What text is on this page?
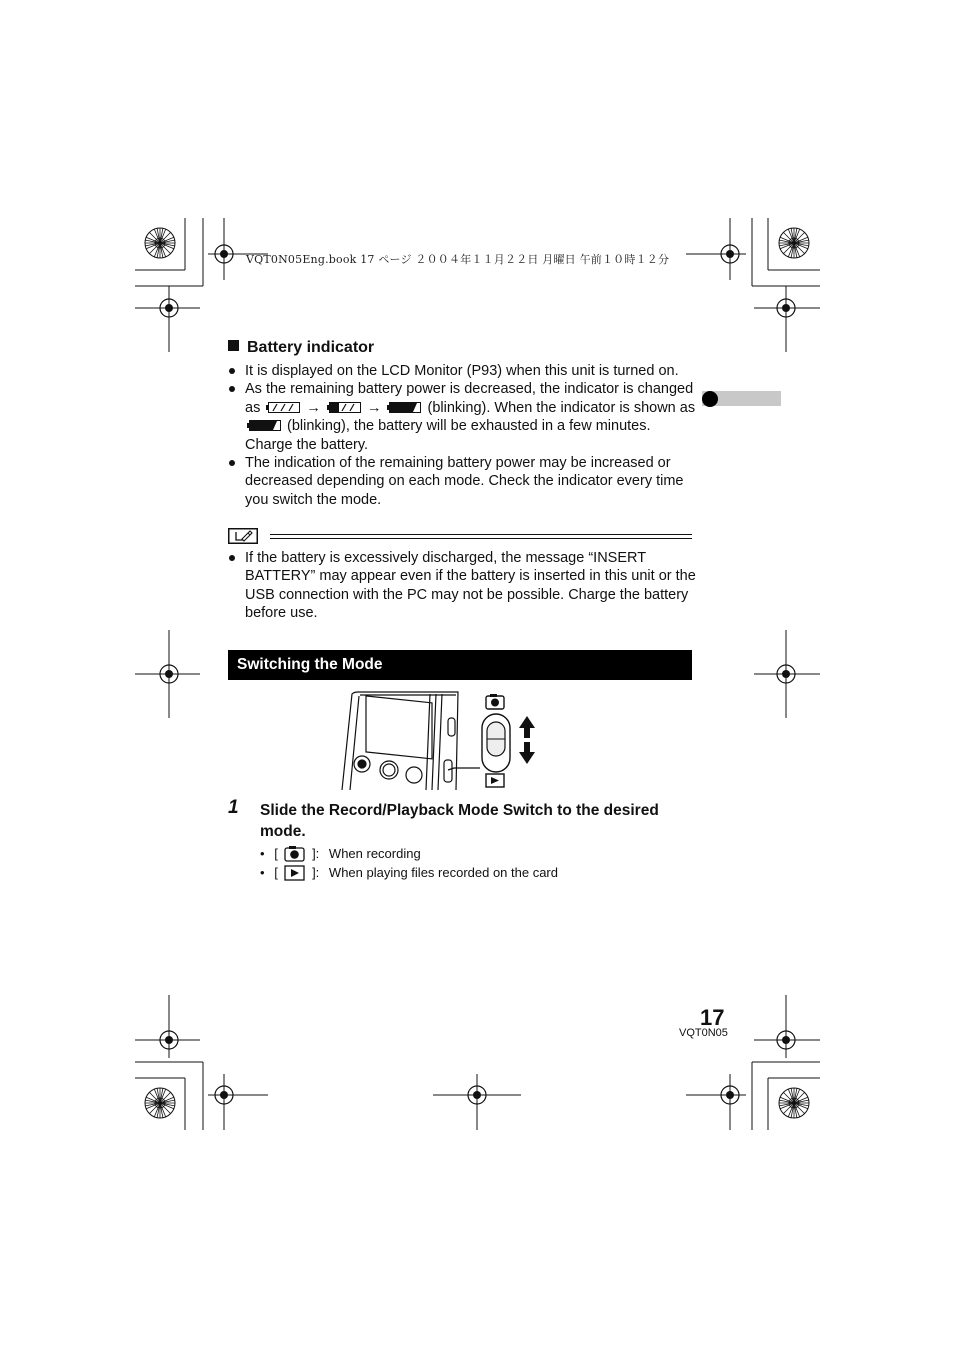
VQT0N05Eng.book 17 ページ ２００４年１１月２２日 月曜日 午前１０時１２分
Battery indicator

It is displayed on the LCD Monitor (P93) when this unit is turned on.

As the remaining battery power is decreased, the indicator is changed as	→	→	(blinking). When the indicator is shown as  (blinking), the battery will be exhausted in a few minutes. Charge the battery.

The indication of the remaining battery power may be increased or decreased depending on each mode. Check the indicator every time you switch the mode.

If the battery is excessively discharged, the message “INSERT BATTERY” may appear even if the battery is inserted in this unit or the USB connection with the PC may not be possible. Charge the battery before use.

Switching the Mode
1 Slide the Record/Playback Mode Switch to the desired mode.
• [	]: When recording
• [	]: When playing files recorded on the card
17
VQT0N05
